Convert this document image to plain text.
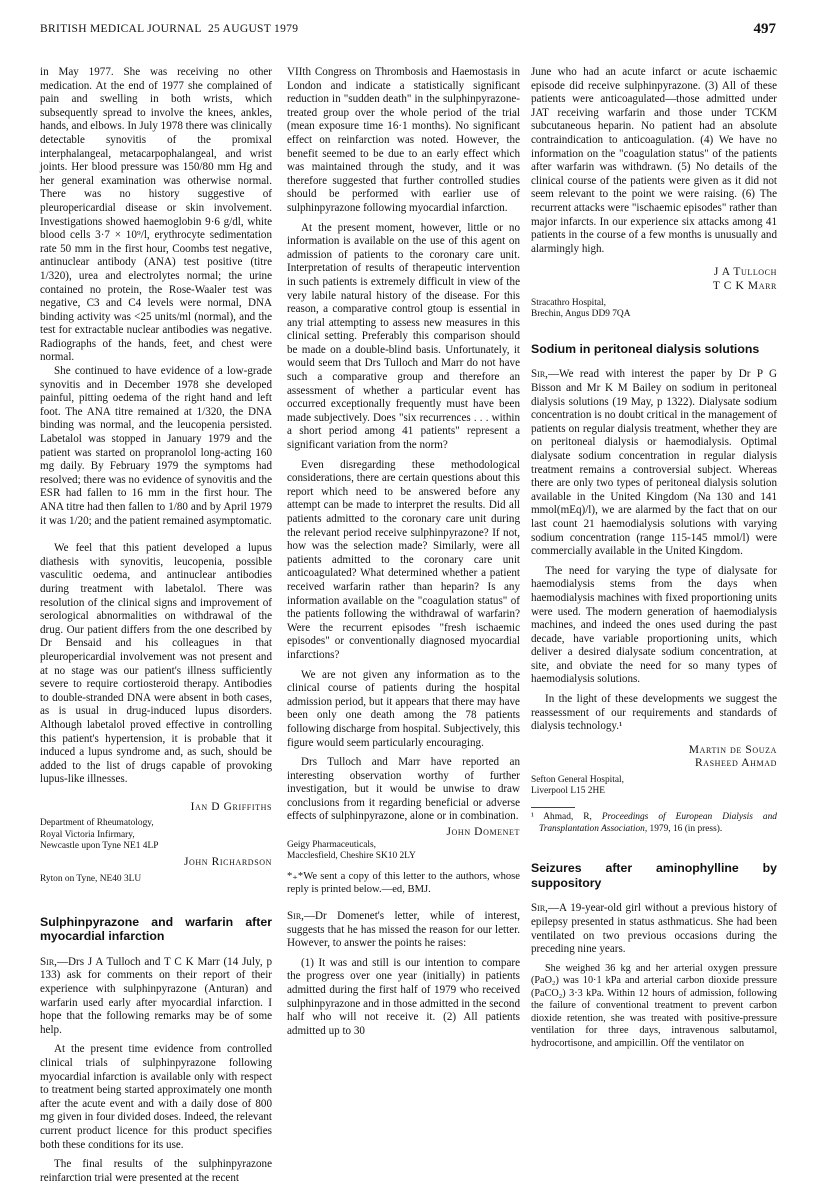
BRITISH MEDICAL JOURNAL 25 AUGUST 1979	497

in May 1977. She was receiving no other medication. At the end of 1977 she complained of pain and swelling in both wrists, which subsequently spread to involve the knees, ankles, hands, and elbows. In July 1978 there was clinically detectable synovitis of the promixal interphalangeal, metacarpophalangeal, and wrist joints. Her blood pressure was 150/80 mm Hg and her general examination was otherwise normal. There was no history suggestive of pleuropericardial disease or skin involvement. Investigations showed haemoglobin 9·6 g/dl, white blood cells 3·7 × 10⁹/l, erythrocyte sedimentation rate 50 mm in the first hour, Coombs test negative, antinuclear antibody (ANA) test positive (titre 1/320), urea and electrolytes normal; the urine contained no protein, the Rose-Waaler test was negative, C3 and C4 levels were normal, DNA binding activity was <25 units/ml (normal), and the test for extractable nuclear antibodies was negative. Radiographs of the hands, feet, and chest were normal.

She continued to have evidence of a low-grade synovitis and in December 1978 she developed painful, pitting oedema of the right hand and left foot. The ANA titre remained at 1/320, the DNA binding was normal, and the leucopenia persisted. Labetalol was stopped in January 1979 and the patient was started on propranolol long-acting 160 mg daily. By February 1979 the symptoms had resolved; there was no evidence of synovitis and the ESR had fallen to 16 mm in the first hour. The ANA titre had then fallen to 1/80 and by April 1979 it was 1/20; and the patient remained asymptomatic.

We feel that this patient developed a lupus diathesis with synovitis, leucopenia, possible vasculitic oedema, and antinuclear antibodies during treatment with labetalol. There was resolution of the clinical signs and improvement of serological abnormalities on withdrawal of the drug. Our patient differs from the one described by Dr Bensaid and his colleagues in that pleuropericardial involvement was not present and at no stage was our patient's illness sufficiently severe to require cortiosteroid therapy. Antibodies to double-stranded DNA were absent in both cases, as is usual in drug-induced lupus disorders. Although labetalol proved effective in controlling this patient's hypertension, it is probable that it induced a lupus syndrome and, as such, should be added to the list of drugs capable of provoking lupus-like illnesses.

Ian D Griffiths
Department of Rheumatology,
Royal Victoria Infirmary,
Newcastle upon Tyne NE1 4LP
John Richardson
Ryton on Tyne, NE40 3LU
Sulphinpyrazone and warfarin after myocardial infarction

Sir,—Drs J A Tulloch and T C K Marr (14 July, p 133) ask for comments on their report of their experience with sulphinpyrazone (Anturan) and warfarin used early after myocardial infarction. I hope that the following remarks may be of some help.

At the present time evidence from controlled clinical trials of sulphinpyrazone following myocardial infarction is available only with respect to treatment being started approximately one month after the acute event and with a daily dose of 800 mg given in four divided doses. Indeed, the relevant current product licence for this product specifies both these conditions for its use.

The final results of the sulphinpyrazone reinfarction trial were presented at the recent

VIIth Congress on Thrombosis and Haemostasis in London and indicate a statistically significant reduction in "sudden death" in the sulphinpyrazone-treated group over the whole period of the trial (mean exposure time 16·1 months). No significant effect on reinfarction was noted. However, the benefit seemed to be due to an early effect which was maintained through the study, and it was therefore suggested that further controlled studies should be performed with earlier use of sulphinpyrazone following myocardial infarction.

At the present moment, however, little or no information is available on the use of this agent on admission of patients to the coronary care unit. Interpretation of results of therapeutic intervention in such patients is extremely difficult in view of the very labile natural history of the disease. For this reason, a comparative control gtoup is essential in any trial attempting to assess new measures in this clinical setting. Preferably this comparison should be made on a double-blind basis. Unfortunately, it would seem that Drs Tulloch and Marr do not have such a comparative group and therefore an assessment of whether a particular event has occurred exceptionally frequently must have been made subjectively. Does "six recurrences . . . within a short period among 41 patients" represent a significant variation from the norm?

Even disregarding these methodological considerations, there are certain questions about this report which need to be answered before any attempt can be made to interpret the results. Did all patients admitted to the coronary care unit during the relevant period receive sulphinpyrazone? If not, how was the selection made? Similarly, were all patients admitted to the coronary care unit anticoagulated? What determined whether a patient received warfarin rather than heparin? Is any information available on the "coagulation status" of the patients following the withdrawal of warfarin? Were the recurrent episodes "fresh ischaemic episodes" or conventionally diagnosed myocardial infarctions?

We are not given any information as to the clinical course of patients during the hospital admission period, but it appears that there may have been only one death among the 78 patients following discharge from hospital. Subjectively, this figure would seem particularly encouraging.

Drs Tulloch and Marr have reported an interesting observation worthy of further investigation, but it would be unwise to draw conclusions from it regarding beneficial or adverse effects of sulphinpyrazone, alone or in combination.

John Domenet
Geigy Pharmaceuticals,
Macclesfield, Cheshire SK10 2LY
*₊*We sent a copy of this letter to the authors, whose reply is printed below.—ed, BMJ.

Sir,—Dr Domenet's letter, while of interest, suggests that he has missed the reason for our letter. However, to answer the points he raises:

(1) It was and still is our intention to compare the progress over one year (initially) in patients admitted during the first half of 1979 who received sulphinpyrazone and in those admitted in the second half who will not receive it. (2) All patients admitted up to 30

June who had an acute infarct or acute ischaemic episode did receive sulphinpyrazone. (3) All of these patients were anticoagulated—those admitted under JAT receiving warfarin and those under TCKM subcutaneous heparin. No patient had an absolute contraindication to anticoagulation. (4) We have no information on the "coagulation status" of the patients after warfarin was withdrawn. (5) No details of the clinical course of the patients were given as it did not seem relevant to the point we were raising. (6) The recurrent attacks were "ischaemic episodes" rather than major infarcts. In our experience six attacks among 41 patients in the course of a few months is unusually and alarmingly high.

J A Tulloch
T C K Marr
Stracathro Hospital,
Brechin, Angus DD9 7QA
Sodium in peritoneal dialysis solutions

Sir,—We read with interest the paper by Dr P G Bisson and Mr K M Bailey on sodium in peritoneal dialysis solutions (19 May, p 1322). Dialysate sodium concentration is no doubt critical in the management of patients on regular dialysis treatment, whether they are on peritoneal dialysis or haemodialysis. Optimal dialysate sodium concentration in regular dialysis treatment remains a controversial subject. Whereas there are only two types of peritoneal dialysis solution available in the United Kingdom (Na 130 and 141 mmol(mEq)/l), we are alarmed by the fact that on our last count 21 haemodialysis solutions with varying sodium concentration (range 115-145 mmol/l) were commercially available in the United Kingdom.

The need for varying the type of dialysate for haemodialysis stems from the days when haemodialysis machines with fixed proportioning units were used. The modern generation of haemodialysis machines, and indeed the ones used during the past decade, have variable proportioning units, which deliver a desired dialysate sodium concentration, at site, and obviate the need for so many types of haemodialysis solutions.

In the light of these developments we suggest the reassessment of our requirements and standards of dialysis technology.¹

Martin de Souza
Rasheed Ahmad
Sefton General Hospital,
Liverpool L15 2HE
¹ Ahmad, R, Proceedings of European Dialysis and Transplantation Association, 1979, 16 (in press).
Seizures after aminophylline by suppository

Sir,—A 19-year-old girl without a previous history of epilepsy presented in status asthmaticus. She had been ventilated on two previous occasions during the preceding nine years.

She weighed 36 kg and her arterial oxygen pressure (PaO₂) was 10·1 kPa and arterial carbon dioxide pressure (PaCO₂) 3·3 kPa. Within 12 hours of admission, following the failure of conventional treatment to prevent carbon dioxide retention, she was treated with positive-pressure ventilation for three days, intravenous salbutamol, hydrocortisone, and ampicillin. Off the ventilator on
